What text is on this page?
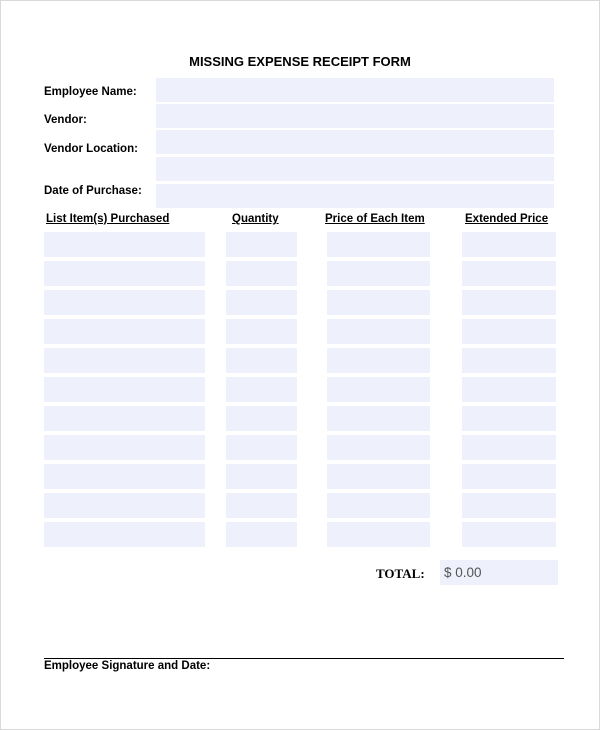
MISSING EXPENSE RECEIPT FORM
Employee Name:
Vendor:
Vendor Location:
Date of Purchase:
List Item(s) Purchased	Quantity	Price of Each Item	Extended Price
TOTAL: $ 0.00
Employee Signature and Date:
